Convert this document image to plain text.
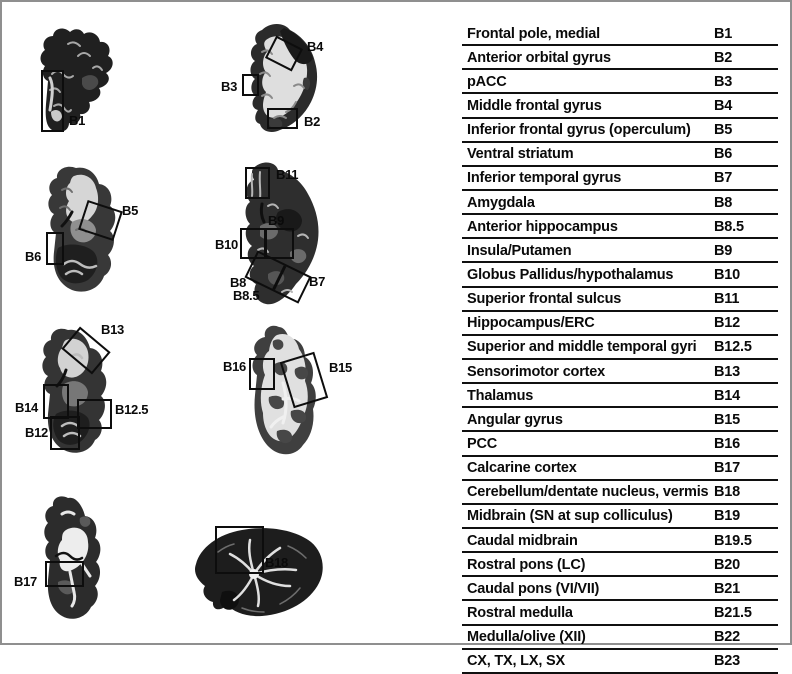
B1
B3
B4
B2
B5
B6
B11
B9
B10
B8
B8.5
B7
B13
B14	B12.5
B12
B16	B15
B17
B18
Frontal pole, medial	B1
Anterior orbital gyrus	B2
pACC	B3
Middle frontal gyrus	B4
Inferior frontal gyrus (operculum) B5
Ventral striatum	B6
Inferior temporal gyrus	B7
Amygdala	B8
Anterior hippocampus	B8.5
Insula/Putamen	B9
Globus Pallidus/hypothalamus	B10
Superior frontal sulcus	B11
Hippocampus/ERC	B12
Superior and middle temporal gyri B12.5
Sensorimotor cortex	B13
Thalamus	B14
Angular gyrus	B15
PCC	B16
Calcarine cortex	B17
Cerebellum/dentate nucleus, vermis B18
Midbrain (SN at sup colliculus)	B19
Caudal midbrain	B19.5
Rostral pons (LC)	B20
Caudal pons (VI/VII)	B21
Rostral medulla	B21.5
Medulla/olive (XII)	B22
CX, TX, LX, SX	B23
